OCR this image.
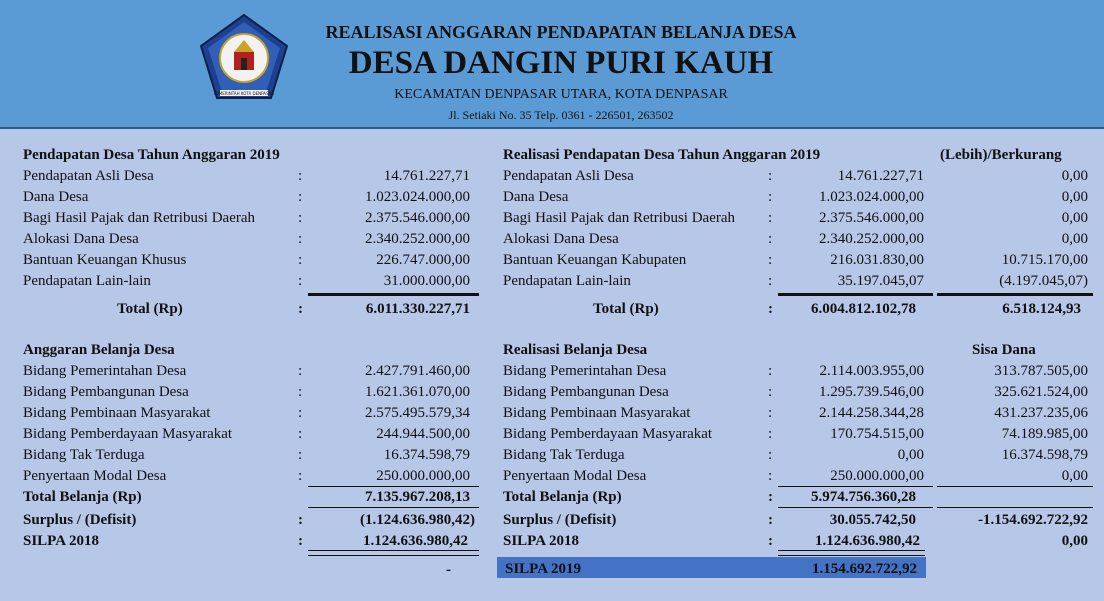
PEMERINTAH KOTA DENPASAR
REALISASI ANGGARAN PENDAPATAN BELANJA DESA
DESA DANGIN PURI KAUH
KECAMATAN DENPASAR UTARA, KOTA DENPASAR
Jl. Setiaki No. 35 Telp. 0361 - 226501, 263502
Pendapatan Desa Tahun Anggaran 2019
Pendapatan Asli Desa	:	14.761.227,71
Dana Desa	:	1.023.024.000,00
Bagi Hasil Pajak dan Retribusi Daerah	:	2.375.546.000,00
Alokasi Dana Desa	:	2.340.252.000,00
Bantuan Keuangan Khusus	:	226.747.000,00
Pendapatan Lain-lain	:	31.000.000,00
Total (Rp)	:	6.011.330.227,71
Realisasi Pendapatan Desa Tahun Anggaran 2019	(Lebih)/Berkurang
Pendapatan Asli Desa	:	14.761.227,71	0,00
Dana Desa	:	1.023.024.000,00	0,00
Bagi Hasil Pajak dan Retribusi Daerah :	2.375.546.000,00	0,00
Alokasi Dana Desa	:	2.340.252.000,00	0,00
Bantuan Keuangan Kabupaten	:	216.031.830,00	10.715.170,00
Pendapatan Lain-lain	:	35.197.045,07	(4.197.045,07)
Total (Rp)	:	6.004.812.102,78	6.518.124,93
Anggaran Belanja Desa
Bidang Pemerintahan Desa	:	2.427.791.460,00
Bidang Pembangunan Desa	:	1.621.361.070,00
Bidang Pembinaan Masyarakat	:	2.575.495.579,34
Bidang Pemberdayaan Masyarakat	:	244.944.500,00
Bidang Tak Terduga	:	16.374.598,79
Penyertaan Modal Desa	:	250.000.000,00
Total Belanja (Rp)	7.135.967.208,13
Surplus / (Defisit)	:	(1.124.636.980,42)
SILPA 2018	:	1.124.636.980,42
-
Realisasi Belanja Desa	Sisa Dana
Bidang Pemerintahan Desa	:	2.114.003.955,00	313.787.505,00
Bidang Pembangunan Desa	:	1.295.739.546,00	325.621.524,00
Bidang Pembinaan Masyarakat	:	2.144.258.344,28	431.237.235,06
Bidang Pemberdayaan Masyarakat	:	170.754.515,00	74.189.985,00
Bidang Tak Terduga	:	0,00	16.374.598,79
Penyertaan Modal Desa	:	250.000.000,00	0,00
Total Belanja (Rp)	:	5.974.756.360,28
Surplus / (Defisit)	:	30.055.742,50	-1.154.692.722,92
SILPA 2018	:	1.124.636.980,42	0,00
SILPA 2019	1.154.692.722,92
